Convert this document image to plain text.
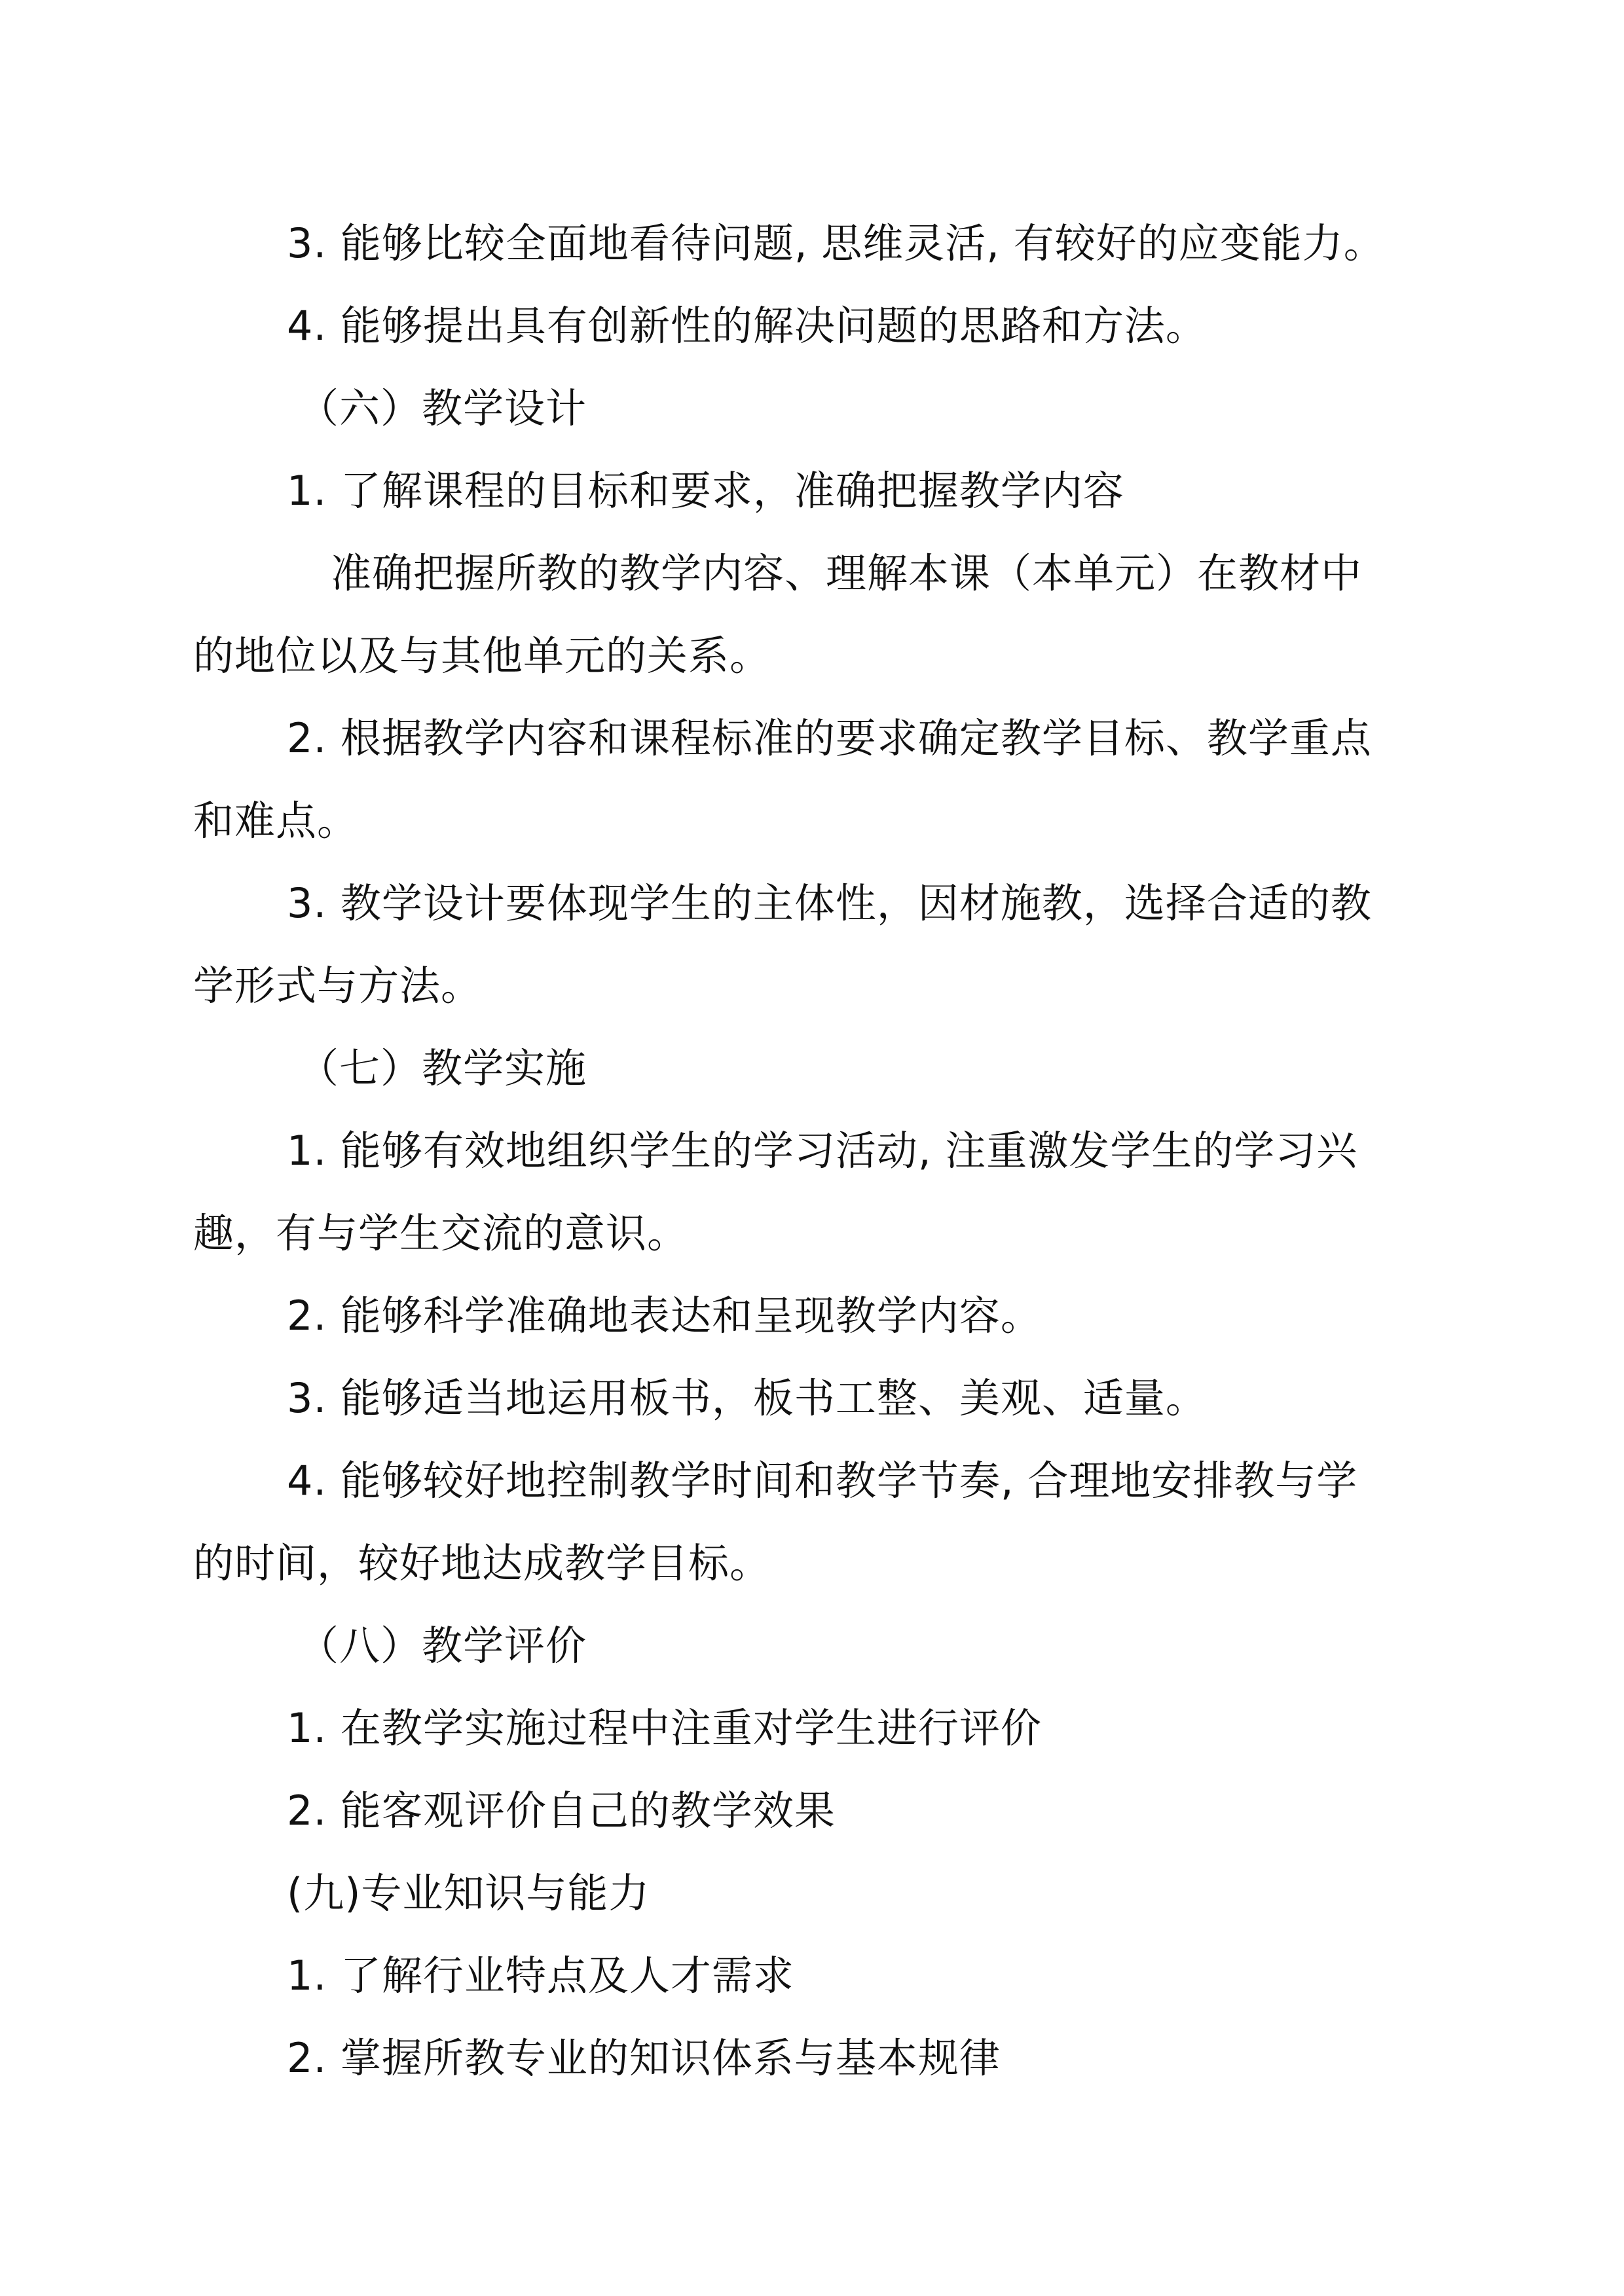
3. 能够比较全面地看待问题, 思维灵活, 有较好的应变能力。
4. 能够提出具有创新性的解决问题的思路和方法。
（六）教学设计
1. 了解课程的目标和要求，准确把握教学内容
准确把握所教的教学内容、理解本课（本单元）在教材中
的地位以及与其他单元的关系。
2. 根据教学内容和课程标准的要求确定教学目标、教学重点
和难点。
3. 教学设计要体现学生的主体性，因材施教，选择合适的教
学形式与方法。
（七）教学实施
1. 能够有效地组织学生的学习活动, 注重激发学生的学习兴
趣，有与学生交流的意识。
2. 能够科学准确地表达和呈现教学内容。
3. 能够适当地运用板书，板书工整、美观、适量。
4. 能够较好地控制教学时间和教学节奏, 合理地安排教与学
的时间，较好地达成教学目标。
（八）教学评价
1. 在教学实施过程中注重对学生进行评价
2. 能客观评价自己的教学效果
(九)专业知识与能力
1. 了解行业特点及人才需求
2. 掌握所教专业的知识体系与基本规律
